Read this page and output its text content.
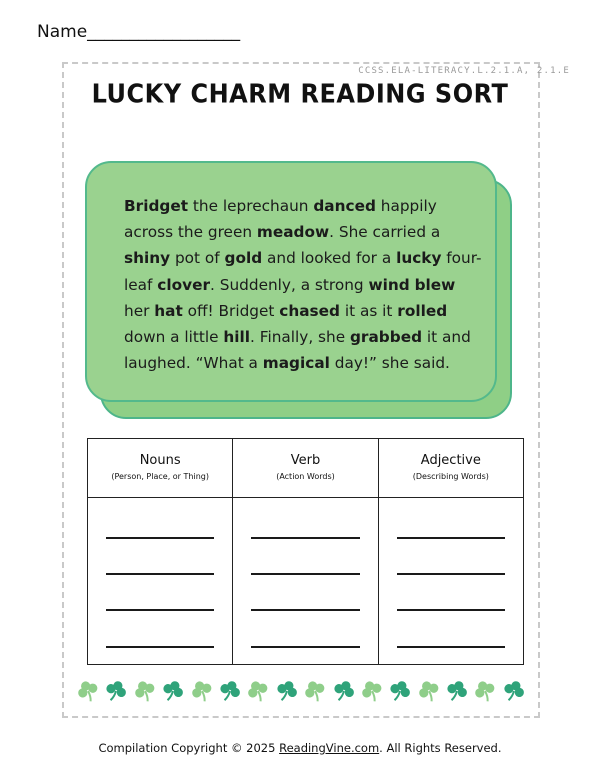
Name__________________
CCSS.ELA-LITERACY.L.2.1.A, 2.1.E
LUCKY CHARM READING SORT
Bridget the leprechaun danced happily across the green meadow. She carried a shiny pot of gold and looked for a lucky four-leaf clover. Suddenly, a strong wind blew her hat off! Bridget chased it as it rolled down a little hill. Finally, she grabbed it and laughed. “What a magical day!” she said.
Nouns
(Person, Place, or Thing)
Verb
(Action Words)
Adjective
(Describing Words)
Compilation Copyright © 2025 ReadingVine.com. All Rights Reserved.
